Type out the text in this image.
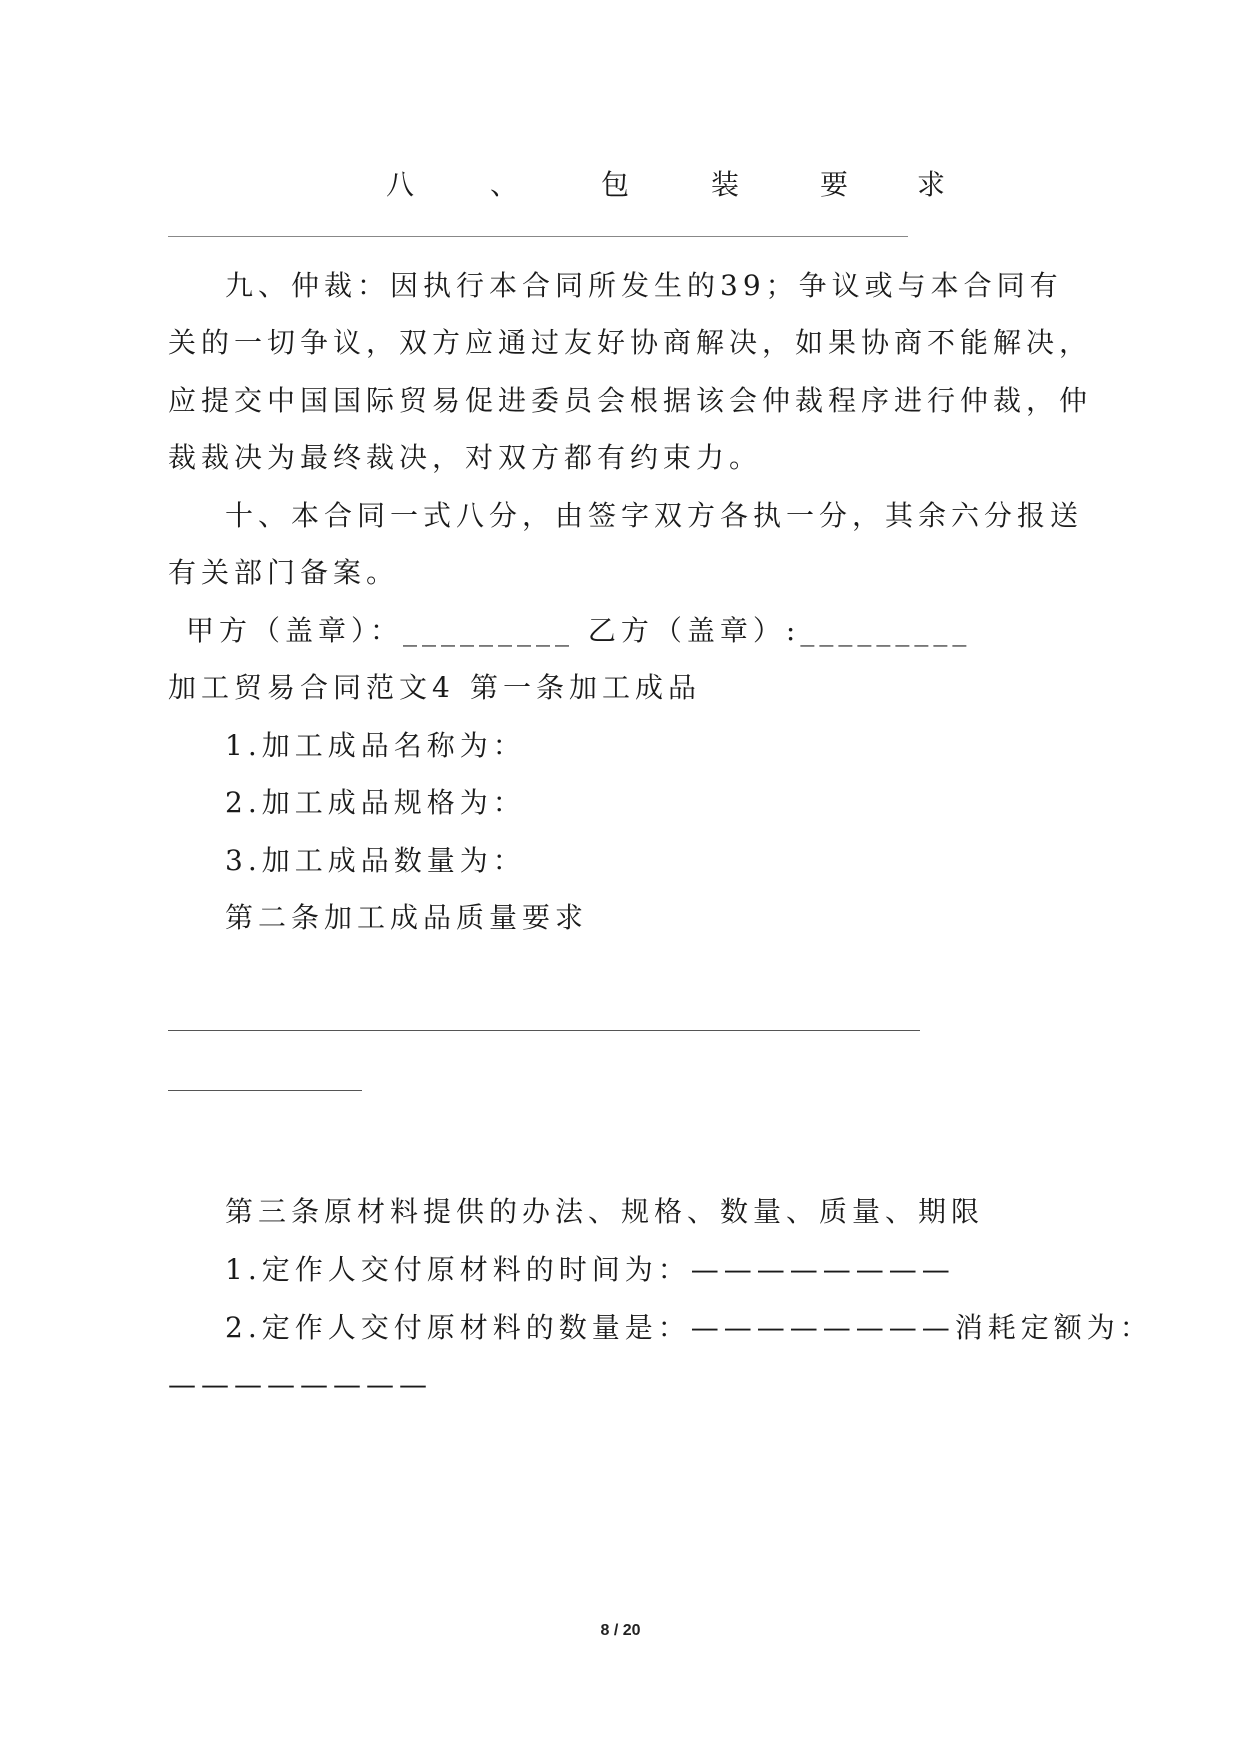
八	、	包	装	要 求
九、仲裁：因执行本合同所发生的39；争议或与本合同有
关的一切争议，双方应通过友好协商解决，如果协商不能解决，
应提交中国国际贸易促进委员会根据该会仲裁程序进行仲裁，仲
裁裁决为最终裁决，对双方都有约束力。
十、本合同一式八分，由签字双方各执一分，其余六分报送
有关部门备案。
甲方（盖章）：_________ 乙方（盖章）:_________
加工贸易合同范文4 第一条加工成品
1.加工成品名称为：
2.加工成品规格为：
3.加工成品数量为：
第二条加工成品质量要求
第三条原材料提供的办法、规格、数量、质量、期限
1.定作人交付原材料的时间为：————————
2.定作人交付原材料的数量是：————————消耗定额为：
————————
8 / 20
